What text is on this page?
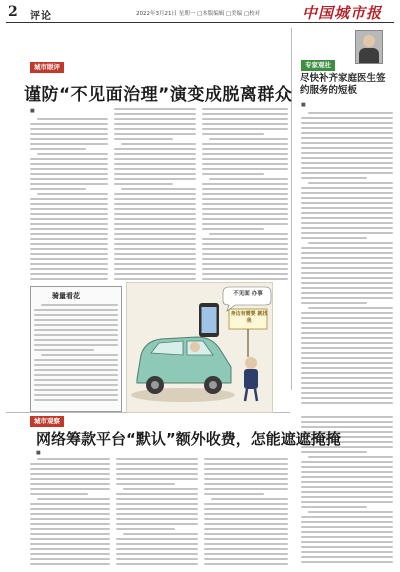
2 评论	2022年3月21日 星期一 □本版编辑 □美编 □校对	中国城市报
城市眼评
谨防“不见面治理”演变成脱离群众
■
骑量看花
身边有需要 就找我
不见面 办事
专家观社
尽快补齐家庭医生签约服务的短板
■
城市观察
网络筹款平台“默认”额外收费，怎能遮遮掩掩
■
